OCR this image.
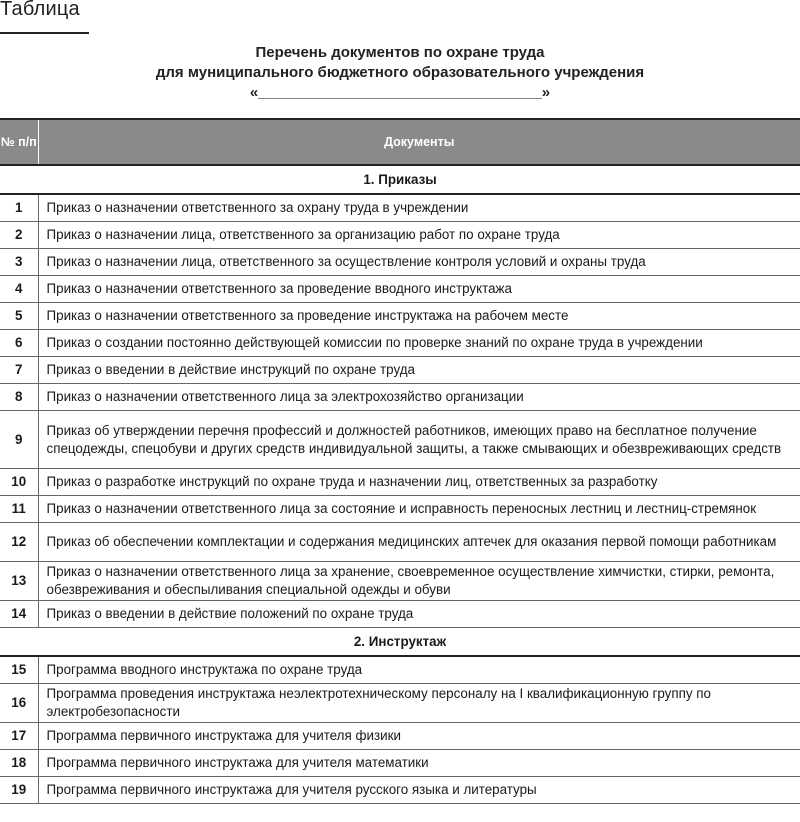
Таблица
Перечень документов по охране труда
для муниципального бюджетного образовательного учреждения
«__________________________________»
№ п/п	Документы
1. Приказы	
1	Приказ о назначении ответственного за охрану труда в учреждении
2	Приказ о назначении лица, ответственного за организацию работ по охране труда
3	Приказ о назначении лица, ответственного за осуществление контроля условий и охраны труда
4	Приказ о назначении ответственного за проведение вводного инструктажа
5	Приказ о назначении ответственного за проведение инструктажа на рабочем месте
6	Приказ о создании постоянно действующей комиссии по проверке знаний по охране труда в учреждении
7	Приказ о введении в действие инструкций по охране труда
8	Приказ о назначении ответственного лица за электрохозяйство организации
9	Приказ об утверждении перечня профессий и должностей работников, имеющих право на бесплатное получение спецодежды, спецобуви и других средств индивидуальной защиты, а также смывающих и обезвреживающих средств
10	Приказ о разработке инструкций по охране труда и назначении лиц, ответственных за разработку
11	Приказ о назначении ответственного лица за состояние и исправность переносных лестниц и лестниц-стремянок
12	Приказ об обеспечении комплектации и содержания медицинских аптечек для оказания первой помощи работникам
13	Приказ о назначении ответственного лица за хранение, своевременное осуществление химчистки, стирки, ремонта, обезвреживания и обеспыливания специальной одежды и обуви
14	Приказ о введении в действие положений по охране труда
2. Инструктаж	
15	Программа вводного инструктажа по охране труда
16	Программа проведения инструктажа неэлектротехническому персоналу на I квалификационную группу по электробезопасности
17	Программа первичного инструктажа для учителя физики
18	Программа первичного инструктажа для учителя математики
19	Программа первичного инструктажа для учителя русского языка и литературы
